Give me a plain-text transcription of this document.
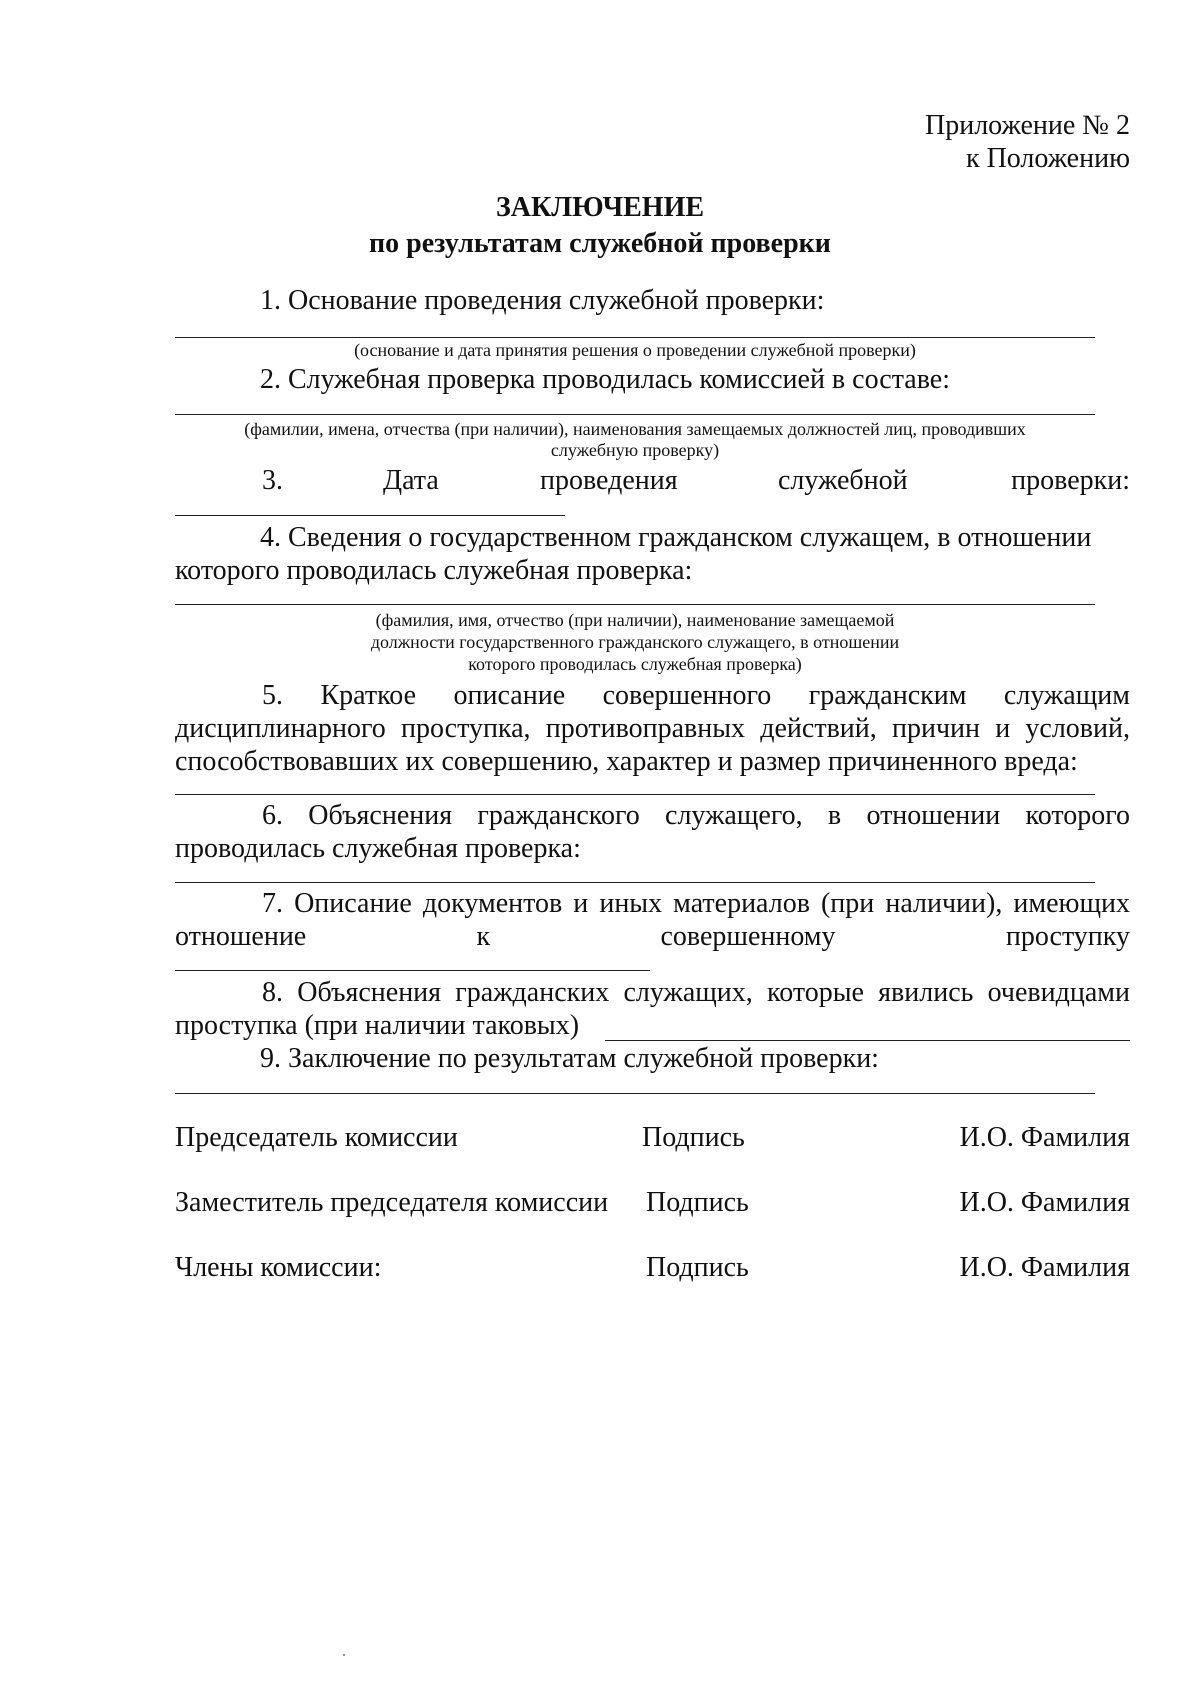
Приложение № 2

к Положению

ЗАКЛЮЧЕНИЕ

по результатам служебной проверки

1. Основание проведения служебной проверки:

(основание и дата принятия решения о проведении служебной проверки)

2. Служебная проверка проводилась комиссией в составе:

(фамилии, имена, отчества (при наличии), наименования замещаемых должностей лиц, проводивших

служебную проверку)

3.	Дата	проведения	служебной	проверки:

4. Сведения о государственном гражданском служащем, в отношении

которого проводилась служебная проверка:

(фамилия, имя, отчество (при наличии), наименование замещаемой

должности государственного гражданского служащего, в отношении

которого проводилась служебная проверка)

5. Краткое описание совершенного гражданским служащим

дисциплинарного проступка, противоправных действий, причин и условий,

способствовавших их совершению, характер и размер причиненного вреда:

6. Объяснения гражданского служащего, в отношении которого

проводилась служебная проверка:

7. Описание документов и иных материалов (при наличии), имеющих

отношение к совершенному проступку

8. Объяснения гражданских служащих, которые явились очевидцами

проступка (при наличии таковых)

9. Заключение по результатам служебной проверки:

Председатель комиссии	Подпись	И.О. Фамилия
Заместитель председателя комиссии Подпись	И.О. Фамилия
Члены комиссии:	Подпись	И.О. Фамилия
